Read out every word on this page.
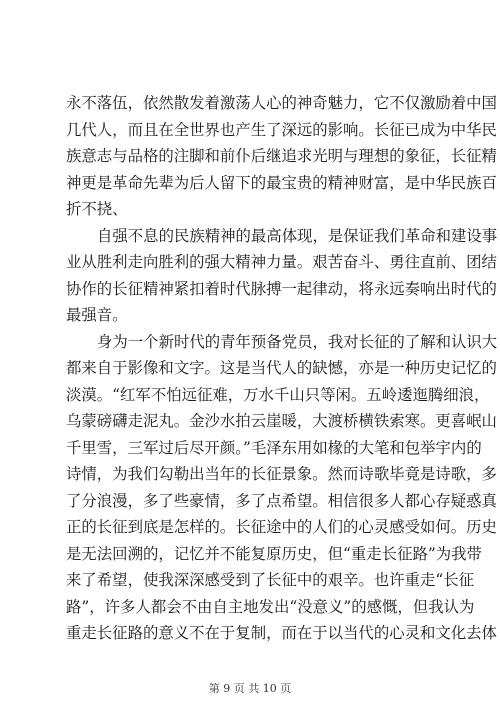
永不落伍，依然散发着激荡人心的神奇魅力，它不仅激励着中国
几代人，而且在全世界也产生了深远的影响。长征已成为中华民
族意志与品格的注脚和前仆后继追求光明与理想的象征，长征精
神更是革命先辈为后人留下的最宝贵的精神财富，是中华民族百
折不挠、
自强不息的民族精神的最高体现，是保证我们革命和建设事
业从胜利走向胜利的强大精神力量。艰苦奋斗、勇往直前、团结
协作的长征精神紧扣着时代脉搏一起律动，将永远奏响出时代的
最强音。
身为一个新时代的青年预备党员，我对长征的了解和认识大
都来自于影像和文字。这是当代人的缺憾，亦是一种历史记忆的
淡漠。“红军不怕远征难，万水千山只等闲。五岭逶迤腾细浪，
乌蒙磅礴走泥丸。金沙水拍云崖暖，大渡桥横铁索寒。更喜岷山
千里雪，三军过后尽开颜。”毛泽东用如椽的大笔和包举宇内的
诗情，为我们勾勒出当年的长征景象。然而诗歌毕竟是诗歌，多
了分浪漫，多了些豪情，多了点希望。相信很多人都心存疑惑真
正的长征到底是怎样的。长征途中的人们的心灵感受如何。历史
是无法回溯的，记忆并不能复原历史，但“重走长征路”为我带
来了希望，使我深深感受到了长征中的艰辛。也许重走“长征
路”，许多人都会不由自主地发出“没意义”的感慨，但我认为
重走长征路的意义不在于复制，而在于以当代的心灵和文化去体
第 9 页 共 10 页
